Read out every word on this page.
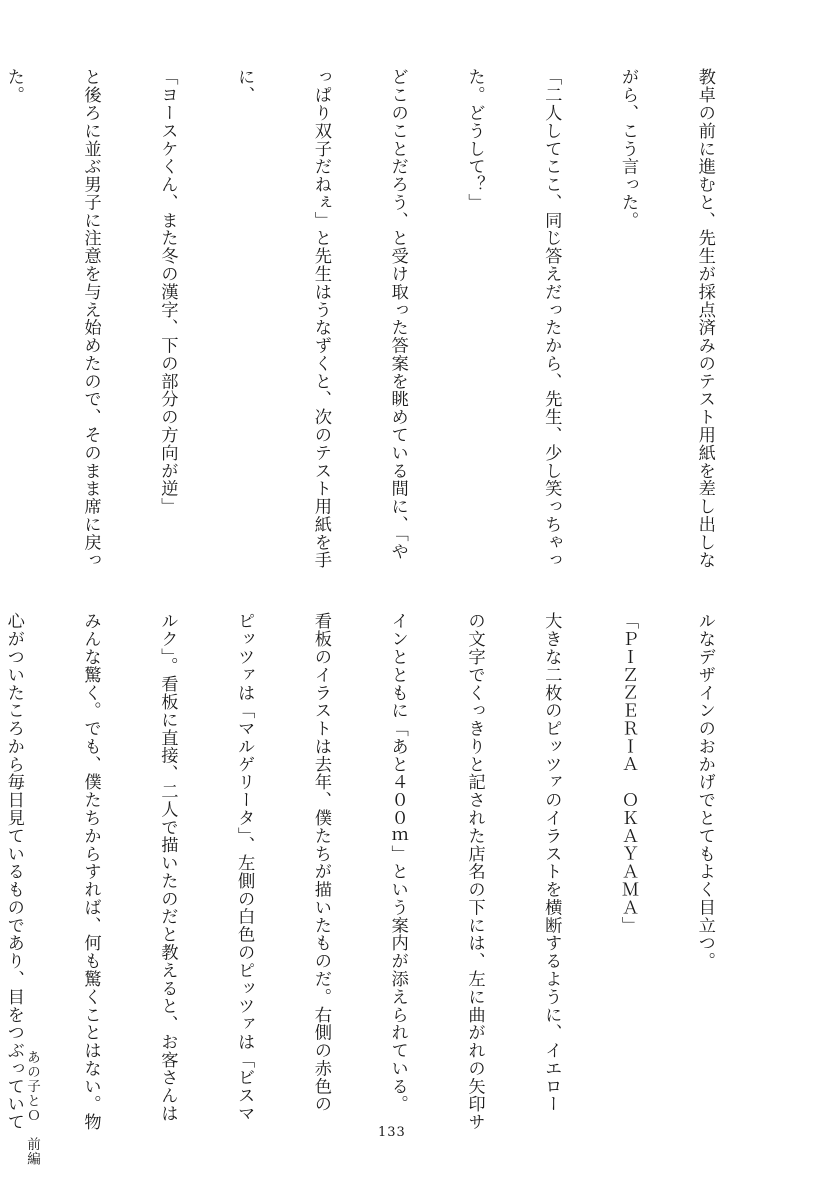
教卓の前に進むと、先生が採点済みのテスト用紙を差し出しな

がら、こう言った。

「二人してここ、同じ答えだったから、先生、少し笑っちゃっ

た。どうして？」

どこのことだろう、と受け取った答案を眺めている間に、「や

っぱり双子だねぇ」と先生はうなずくと、次のテスト用紙を手

に、

「ヨースケくん、また冬の漢字、下の部分の方向が逆」

と後ろに並ぶ男子に注意を与え始めたので、そのまま席に戻っ

た。

ルなデザインのおかげでとてもよく目立つ。

「ＰＩＺＺＥＲＩＡ　ＯＫＡＹＡＭＡ」

大きな二枚のピッツァのイラストを横断するように、イエロー

の文字でくっきりと記された店名の下には、左に曲がれの矢印サ

インとともに「あと４００ｍ」という案内が添えられている。

看板のイラストは去年、僕たちが描いたものだ。右側の赤色の

ピッツァは「マルゲリータ」、左側の白色のピッツァは「ビスマ

ルク」。看板に直接、二人で描いたのだと教えると、お客さんは

みんな驚く。でも、僕たちからすれば、何も驚くことはない。物

心がついたころから毎日見ているものであり、目をつぶっていて

133
あの子とＯ　前編
